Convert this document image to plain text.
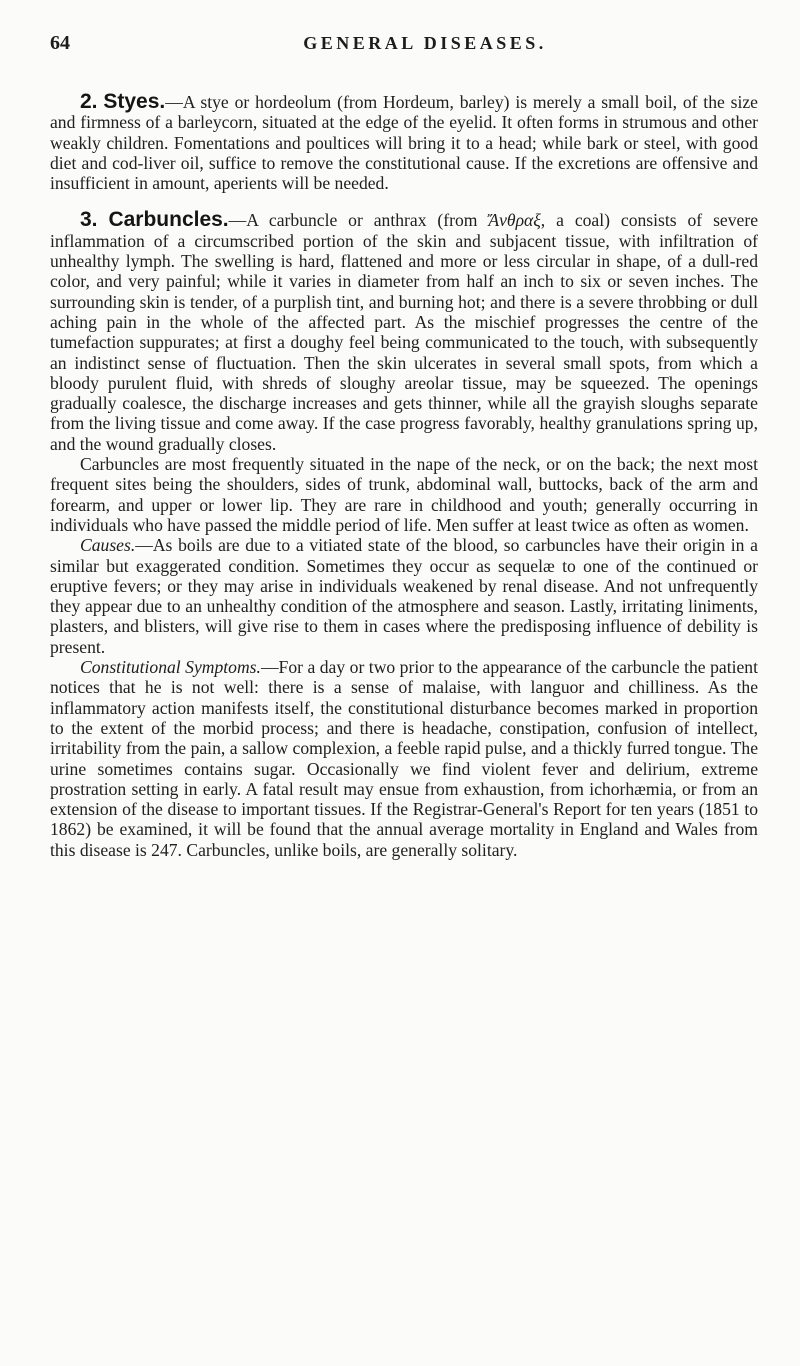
64	GENERAL DISEASES.

2. Styes.—A stye or hordeolum (from Hordeum, barley) is merely a small boil, of the size and firmness of a barleycorn, situated at the edge of the eyelid. It often forms in strumous and other weakly children. Fomentations and poultices will bring it to a head; while bark or steel, with good diet and cod-liver oil, suffice to remove the constitutional cause. If the excretions are offensive and insufficient in amount, aperients will be needed.

3. Carbuncles.—A carbuncle or anthrax (from Ἄνθραξ, a coal) consists of severe inflammation of a circumscribed portion of the skin and subjacent tissue, with infiltration of unhealthy lymph. The swelling is hard, flattened and more or less circular in shape, of a dull-red color, and very painful; while it varies in diameter from half an inch to six or seven inches. The surrounding skin is tender, of a purplish tint, and burning hot; and there is a severe throbbing or dull aching pain in the whole of the affected part. As the mischief progresses the centre of the tumefaction suppurates; at first a doughy feel being communicated to the touch, with subsequently an indistinct sense of fluctuation. Then the skin ulcerates in several small spots, from which a bloody purulent fluid, with shreds of sloughy areolar tissue, may be squeezed. The openings gradually coalesce, the discharge increases and gets thinner, while all the grayish sloughs separate from the living tissue and come away. If the case progress favorably, healthy granulations spring up, and the wound gradually closes.

Carbuncles are most frequently situated in the nape of the neck, or on the back; the next most frequent sites being the shoulders, sides of trunk, abdominal wall, buttocks, back of the arm and forearm, and upper or lower lip. They are rare in childhood and youth; generally occurring in individuals who have passed the middle period of life. Men suffer at least twice as often as women.

Causes.—As boils are due to a vitiated state of the blood, so carbuncles have their origin in a similar but exaggerated condition. Sometimes they occur as sequelæ to one of the continued or eruptive fevers; or they may arise in individuals weakened by renal disease. And not unfrequently they appear due to an unhealthy condition of the atmosphere and season. Lastly, irritating liniments, plasters, and blisters, will give rise to them in cases where the predisposing influence of debility is present.

Constitutional Symptoms.—For a day or two prior to the appearance of the carbuncle the patient notices that he is not well: there is a sense of malaise, with languor and chilliness. As the inflammatory action manifests itself, the constitutional disturbance becomes marked in proportion to the extent of the morbid process; and there is headache, constipation, confusion of intellect, irritability from the pain, a sallow complexion, a feeble rapid pulse, and a thickly furred tongue. The urine sometimes contains sugar. Occasionally we find violent fever and delirium, extreme prostration setting in early. A fatal result may ensue from exhaustion, from ichorhæmia, or from an extension of the disease to important tissues. If the Registrar-General's Report for ten years (1851 to 1862) be examined, it will be found that the annual average mortality in England and Wales from this disease is 247. Carbuncles, unlike boils, are generally solitary.
